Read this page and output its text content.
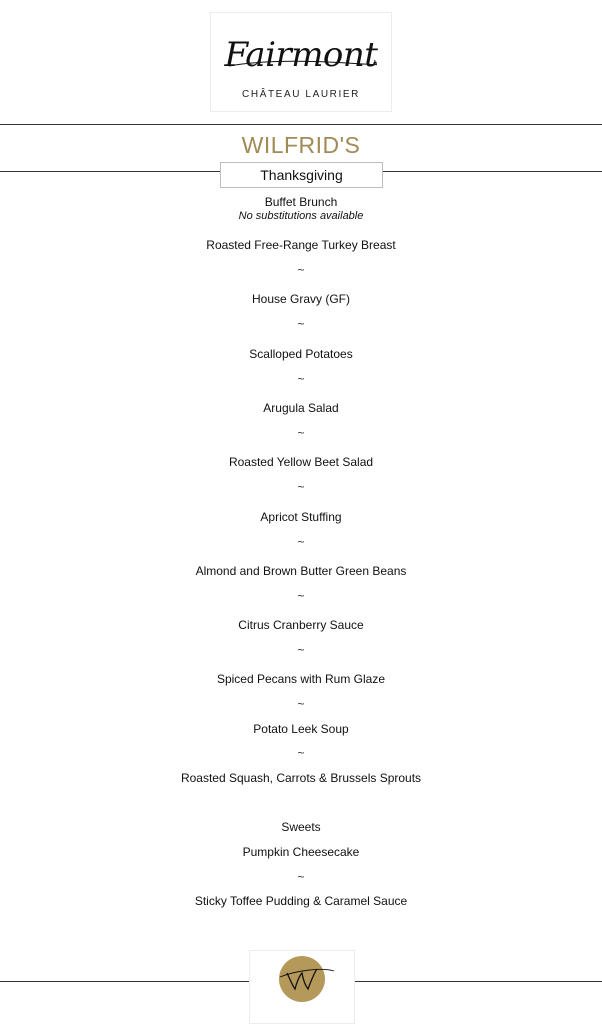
Fairmont
CHÂTEAU LAURIER
WILFRID'S
Thanksgiving
Buffet Brunch
No substitutions available
Roasted Free-Range Turkey Breast
~
House Gravy (GF)
~
Scalloped Potatoes
~
Arugula Salad
~
Roasted Yellow Beet Salad
~
Apricot Stuffing
~
Almond and Brown Butter Green Beans
~
Citrus Cranberry Sauce
~
Spiced Pecans with Rum Glaze
~
Potato Leek Soup
~
Roasted Squash, Carrots & Brussels Sprouts
Sweets
Pumpkin Cheesecake
~
Sticky Toffee Pudding & Caramel Sauce
